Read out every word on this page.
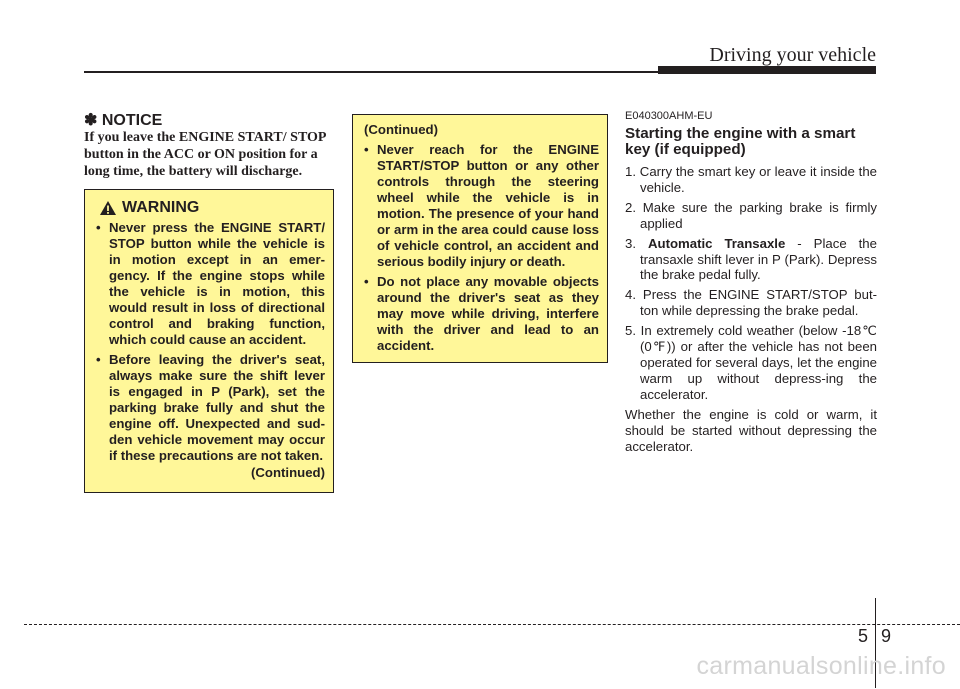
Driving your vehicle
✽ NOTICE
If you leave the ENGINE START/ STOP button in the ACC or ON position for a long time, the battery will discharge.
WARNING
• Never press the ENGINE START/ STOP button while the vehicle is in motion except in an emer-gency. If the engine stops while the vehicle is in motion, this would result in loss of directional control and braking function, which could cause an accident.
• Before leaving the driver's seat, always make sure the shift lever is engaged in P (Park), set the parking brake fully and shut the engine off. Unexpected and sud-den vehicle movement may occur if these precautions are not taken.
(Continued)
(Continued)
• Never reach for the ENGINE START/STOP button or any other controls through the steering wheel while the vehicle is in motion. The presence of your hand or arm in the area could cause loss of vehicle control, an accident and serious bodily injury or death.
• Do not place any movable objects around the driver's seat as they may move while driving, interfere with the driver and lead to an accident.
E040300AHM-EU
Starting the engine with a smart key (if equipped)
1. Carry the smart key or leave it inside the vehicle.
2. Make sure the parking brake is firmly applied
3. Automatic Transaxle - Place the transaxle shift lever in P (Park). Depress the brake pedal fully.
4. Press the ENGINE START/STOP but-ton while depressing the brake pedal.
5. In extremely cold weather (below -18℃ (0℉)) or after the vehicle has not been operated for several days, let the engine warm up without depress-ing the accelerator.
Whether the engine is cold or warm, it should be started without depressing the accelerator.
5 9
carmanualsonline.info
